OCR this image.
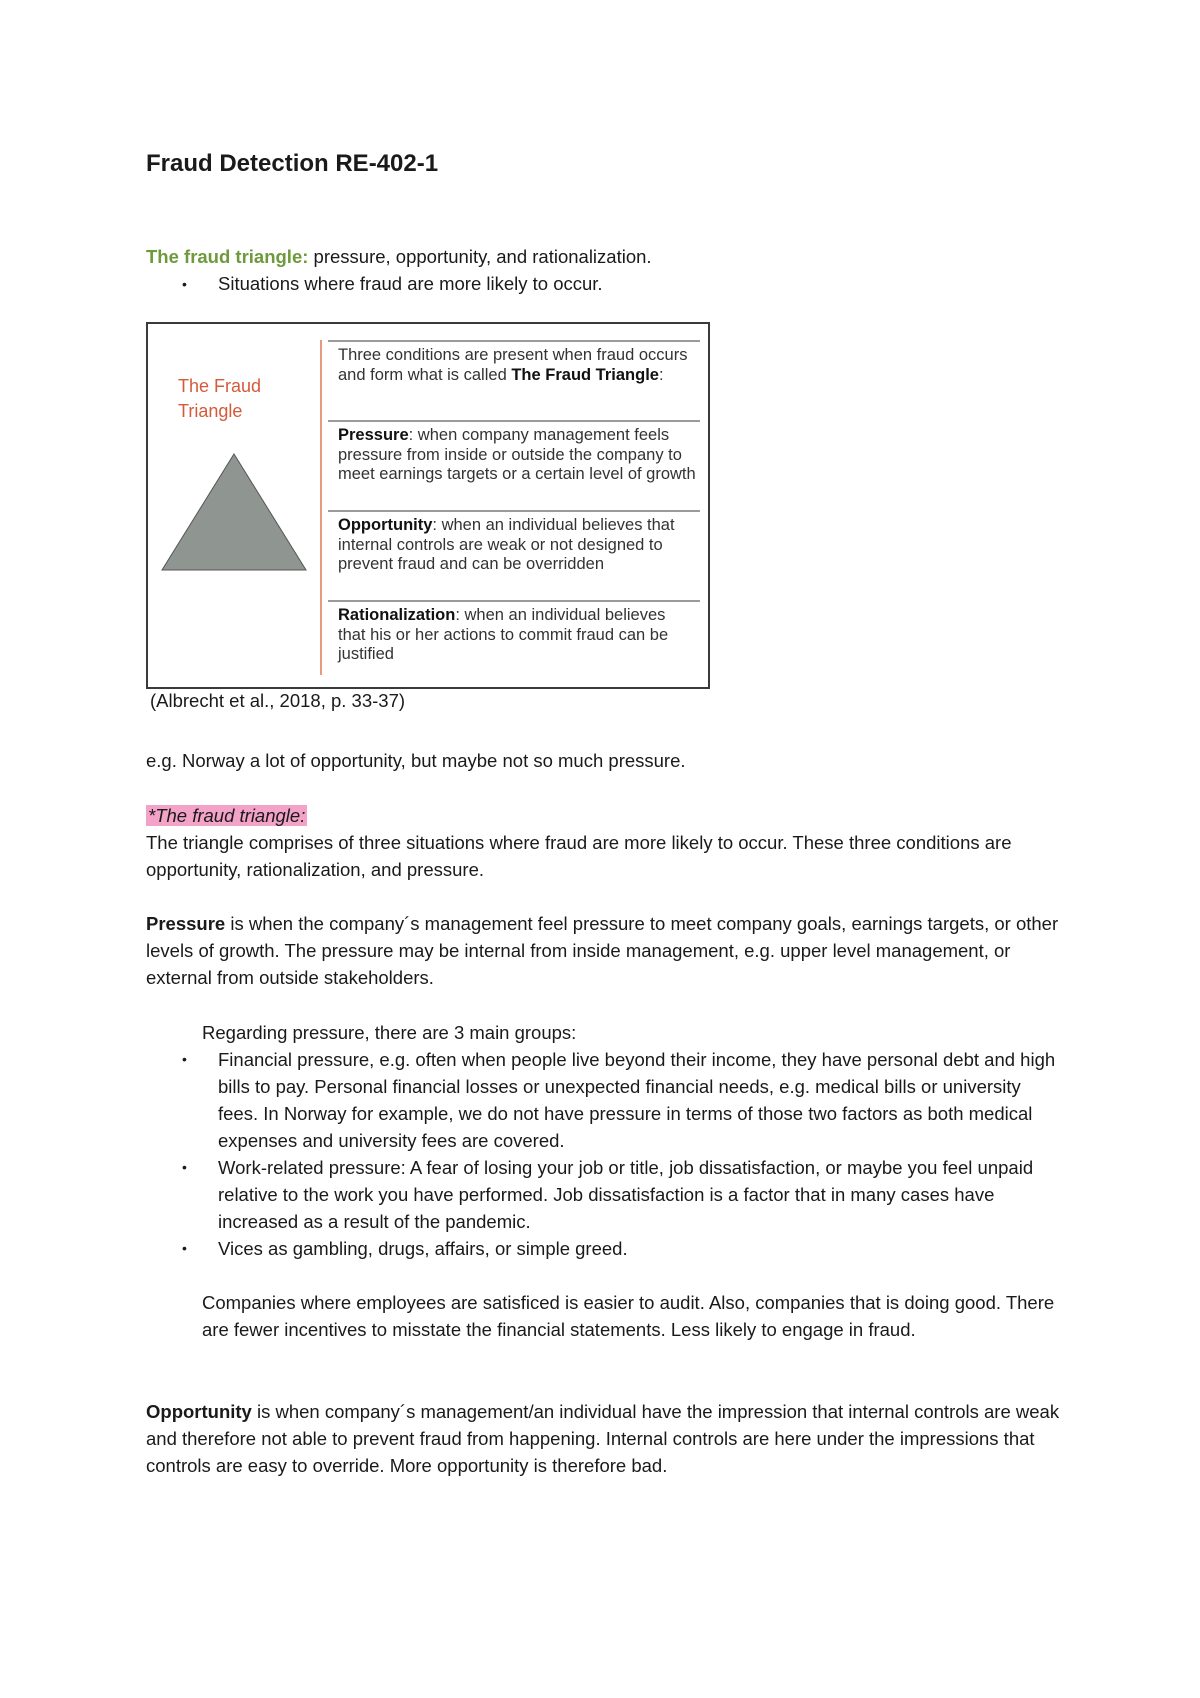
Fraud Detection RE-402-1
The fraud triangle: pressure, opportunity, and rationalization.
• Situations where fraud are more likely to occur.
The Fraud
Triangle
Three conditions are present when fraud occurs and form what is called The Fraud Triangle:
Pressure: when company management feels pressure from inside or outside the company to meet earnings targets or a certain level of growth
Opportunity: when an individual believes that internal controls are weak or not designed to prevent fraud and can be overridden
Rationalization: when an individual believes that his or her actions to commit fraud can be justified
(Albrecht et al., 2018, p. 33-37)
e.g. Norway a lot of opportunity, but maybe not so much pressure.
*The fraud triangle:
The triangle comprises of three situations where fraud are more likely to occur. These three conditions are opportunity, rationalization, and pressure.
Pressure is when the company´s management feel pressure to meet company goals, earnings targets, or other levels of growth. The pressure may be internal from inside management, e.g. upper level management, or external from outside stakeholders.
Regarding pressure, there are 3 main groups:
• Financial pressure, e.g. often when people live beyond their income, they have personal debt and high bills to pay. Personal financial losses or unexpected financial needs, e.g. medical bills or university fees. In Norway for example, we do not have pressure in terms of those two factors as both medical expenses and university fees are covered.
• Work-related pressure: A fear of losing your job or title, job dissatisfaction, or maybe you feel unpaid relative to the work you have performed. Job dissatisfaction is a factor that in many cases have increased as a result of the pandemic.
• Vices as gambling, drugs, affairs, or simple greed.
Companies where employees are satisficed is easier to audit. Also, companies that is doing good. There are fewer incentives to misstate the financial statements. Less likely to engage in fraud.
Opportunity is when company´s management/an individual have the impression that internal controls are weak and therefore not able to prevent fraud from happening. Internal controls are here under the impressions that controls are easy to override. More opportunity is therefore bad.
